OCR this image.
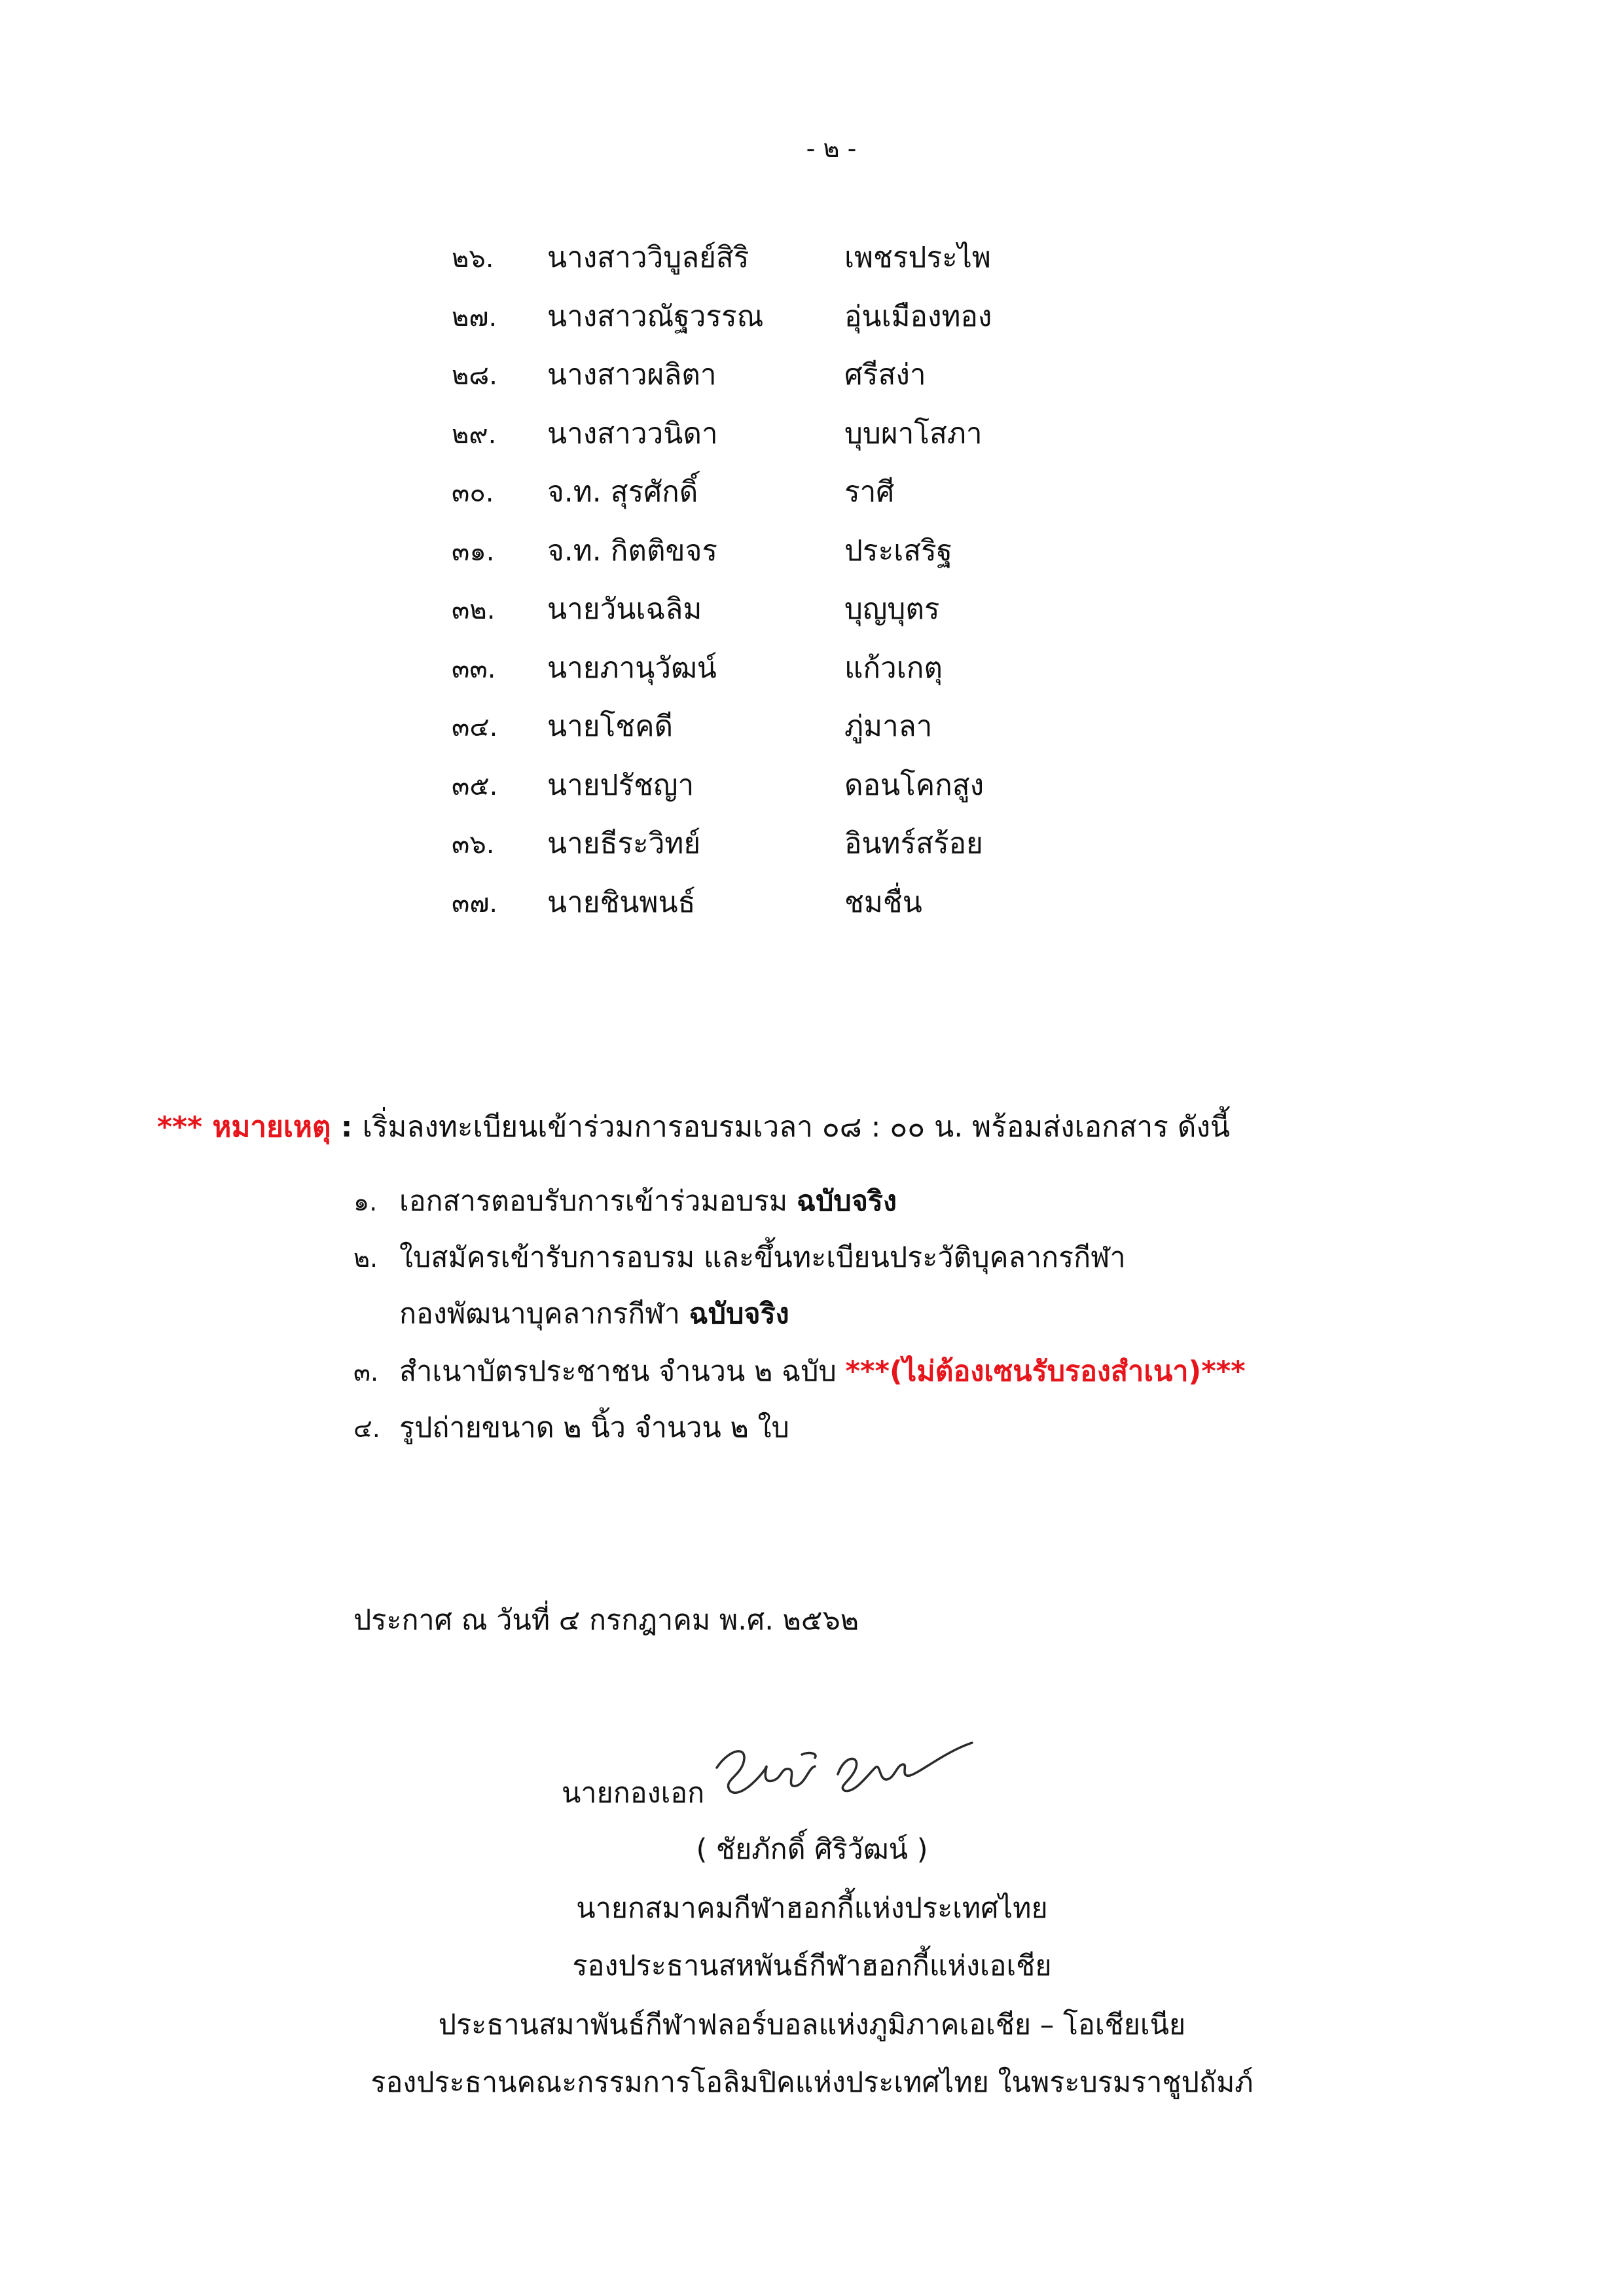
- ๒ -
๒๖. นางสาววิบูลย์สิริ	เพชรประไพ
๒๗. นางสาวณัฐวรรณ	อุ่นเมืองทอง
๒๘. นางสาวผลิตา	ศรีสง่า
๒๙. นางสาววนิดา	บุบผาโสภา
๓๐. จ.ท. สุรศักดิ์	ราศี
๓๑. จ.ท. กิตติขจร	ประเสริฐ
๓๒. นายวันเฉลิม	บุญบุตร
๓๓. นายภานุวัฒน์	แก้วเกตุ
๓๔. นายโชคดี	ภู่มาลา
๓๕. นายปรัชญา	ดอนโคกสูง
๓๖. นายธีระวิทย์	อินทร์สร้อย
๓๗. นายชินพนธ์	ชมชื่น
*** หมายเหตุ : เริ่มลงทะเบียนเข้าร่วมการอบรมเวลา ๐๘ : ๐๐ น. พร้อมส่งเอกสาร ดังนี้
๑. เอกสารตอบรับการเข้าร่วมอบรม ฉบับจริง
๒. ใบสมัครเข้ารับการอบรม และขึ้นทะเบียนประวัติบุคลากรกีฬา
กองพัฒนาบุคลากรกีฬา ฉบับจริง
๓. สำเนาบัตรประชาชน จำนวน ๒ ฉบับ ***(ไม่ต้องเซนรับรองสำเนา)***
๔. รูปถ่ายขนาด ๒ นิ้ว จำนวน ๒ ใบ
ประกาศ ณ วันที่ ๔ กรกฎาคม พ.ศ. ๒๕๖๒
นายกองเอก
( ชัยภักดิ์ ศิริวัฒน์ )
นายกสมาคมกีฬาฮอกกี้แห่งประเทศไทย
รองประธานสหพันธ์กีฬาฮอกกี้แห่งเอเชีย
ประธานสมาพันธ์กีฬาฟลอร์บอลแห่งภูมิภาคเอเชีย – โอเชียเนีย
รองประธานคณะกรรมการโอลิมปิคแห่งประเทศไทย ในพระบรมราชูปถัมภ์
